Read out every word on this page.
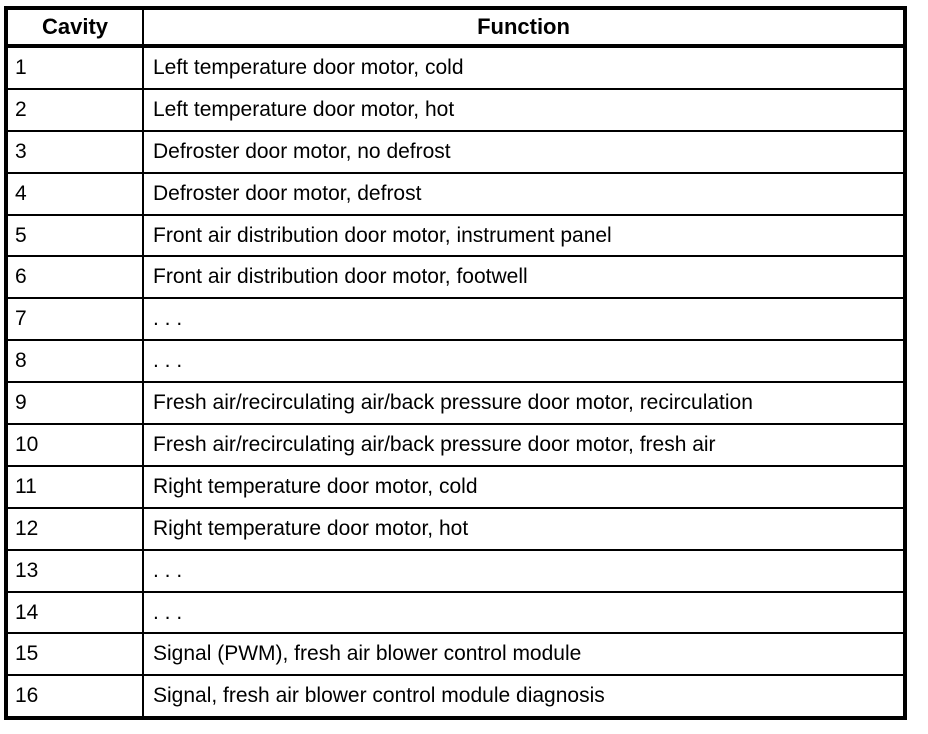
Cavity	Function
1	Left temperature door motor, cold
2	Left temperature door motor, hot
3	Defroster door motor, no defrost
4	Defroster door motor, defrost
5	Front air distribution door motor, instrument panel
6	Front air distribution door motor, footwell
7	. . .
8	. . .
9	Fresh air/recirculating air/back pressure door motor, recirculation
10	Fresh air/recirculating air/back pressure door motor, fresh air
11	Right temperature door motor, cold
12	Right temperature door motor, hot
13	. . .
14	. . .
15	Signal (PWM), fresh air blower control module
16	Signal, fresh air blower control module diagnosis
